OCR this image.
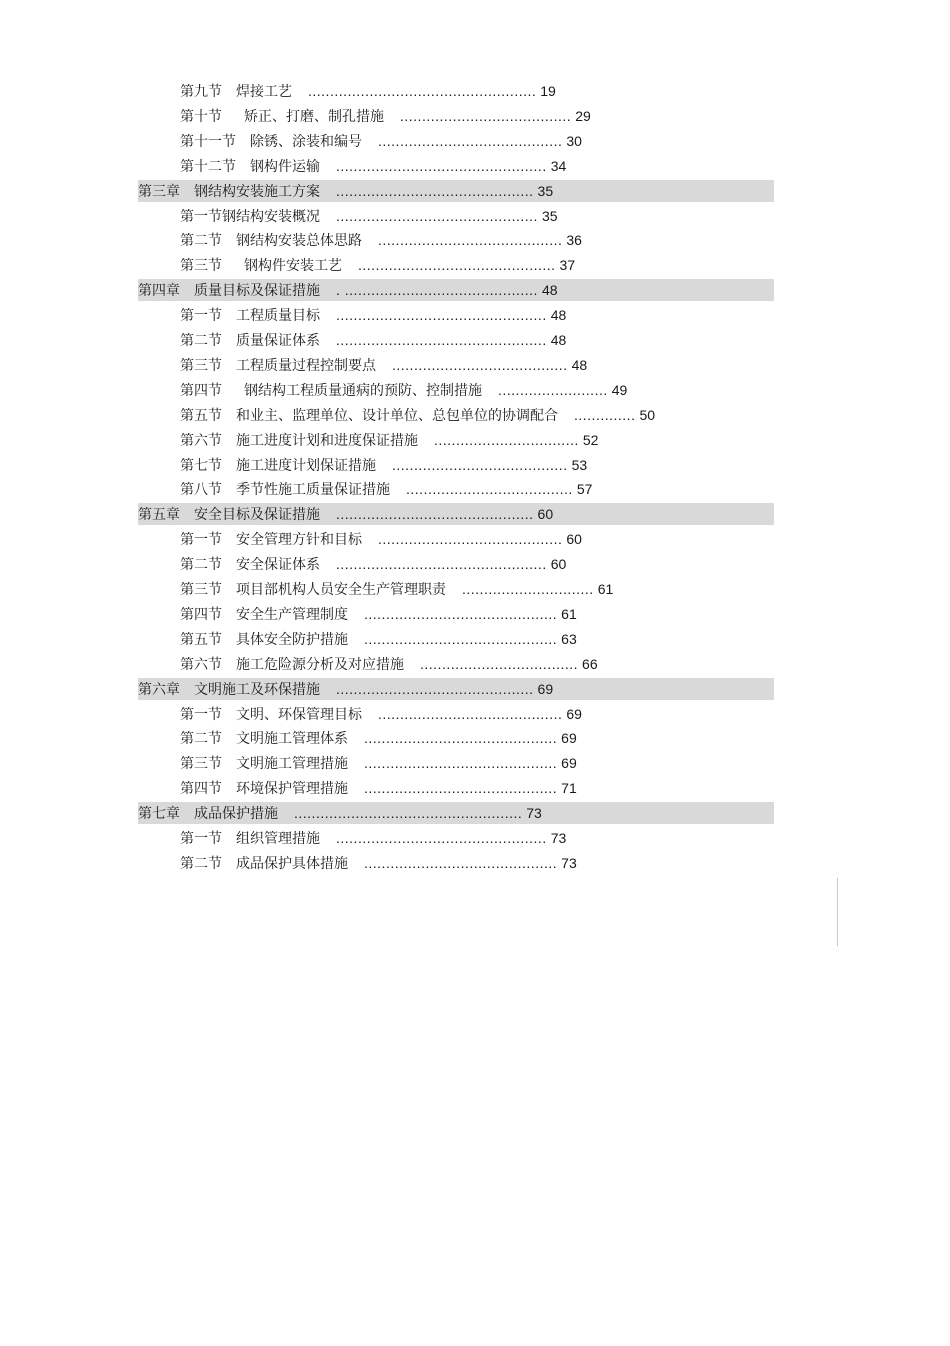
第九节 焊接工艺 .................................................... 19
第十节 矫正、打磨、制孔措施 ....................................... 29
第十一节 除锈、涂装和编号 .......................................... 30
第十二节 钢构件运输 ................................................ 34
第三章 钢结构安装施工方案 ............................................. 35
第一节钢结构安装概况 .............................................. 35
第二节 钢结构安装总体思路 .......................................... 36
第三节 钢构件安装工艺 ............................................. 37
第四章 质量目标及保证措施 . ............................................ 48
第一节 工程质量目标 ................................................ 48
第二节 质量保证体系 ................................................ 48
第三节 工程质量过程控制要点 ........................................ 48
第四节 钢结构工程质量通病的预防、控制措施 ......................... 49
第五节 和业主、监理单位、设计单位、总包单位的协调配合 .............. 50
第六节 施工进度计划和进度保证措施 ................................. 52
第七节 施工进度计划保证措施 ........................................ 53
第八节 季节性施工质量保证措施 ...................................... 57
第五章 安全目标及保证措施 ............................................. 60
第一节 安全管理方针和目标 .......................................... 60
第二节 安全保证体系 ................................................ 60
第三节 项目部机构人员安全生产管理职责 .............................. 61
第四节 安全生产管理制度 ............................................ 61
第五节 具体安全防护措施 ............................................ 63
第六节 施工危险源分析及对应措施 .................................... 66
第六章 文明施工及环保措施 ............................................. 69
第一节 文明、环保管理目标 .......................................... 69
第二节 文明施工管理体系 ............................................ 69
第三节 文明施工管理措施 ............................................ 69
第四节 环境保护管理措施 ............................................ 71
第七章 成品保护措施 .................................................... 73
第一节 组织管理措施 ................................................ 73
第二节 成品保护具体措施 ............................................ 73
